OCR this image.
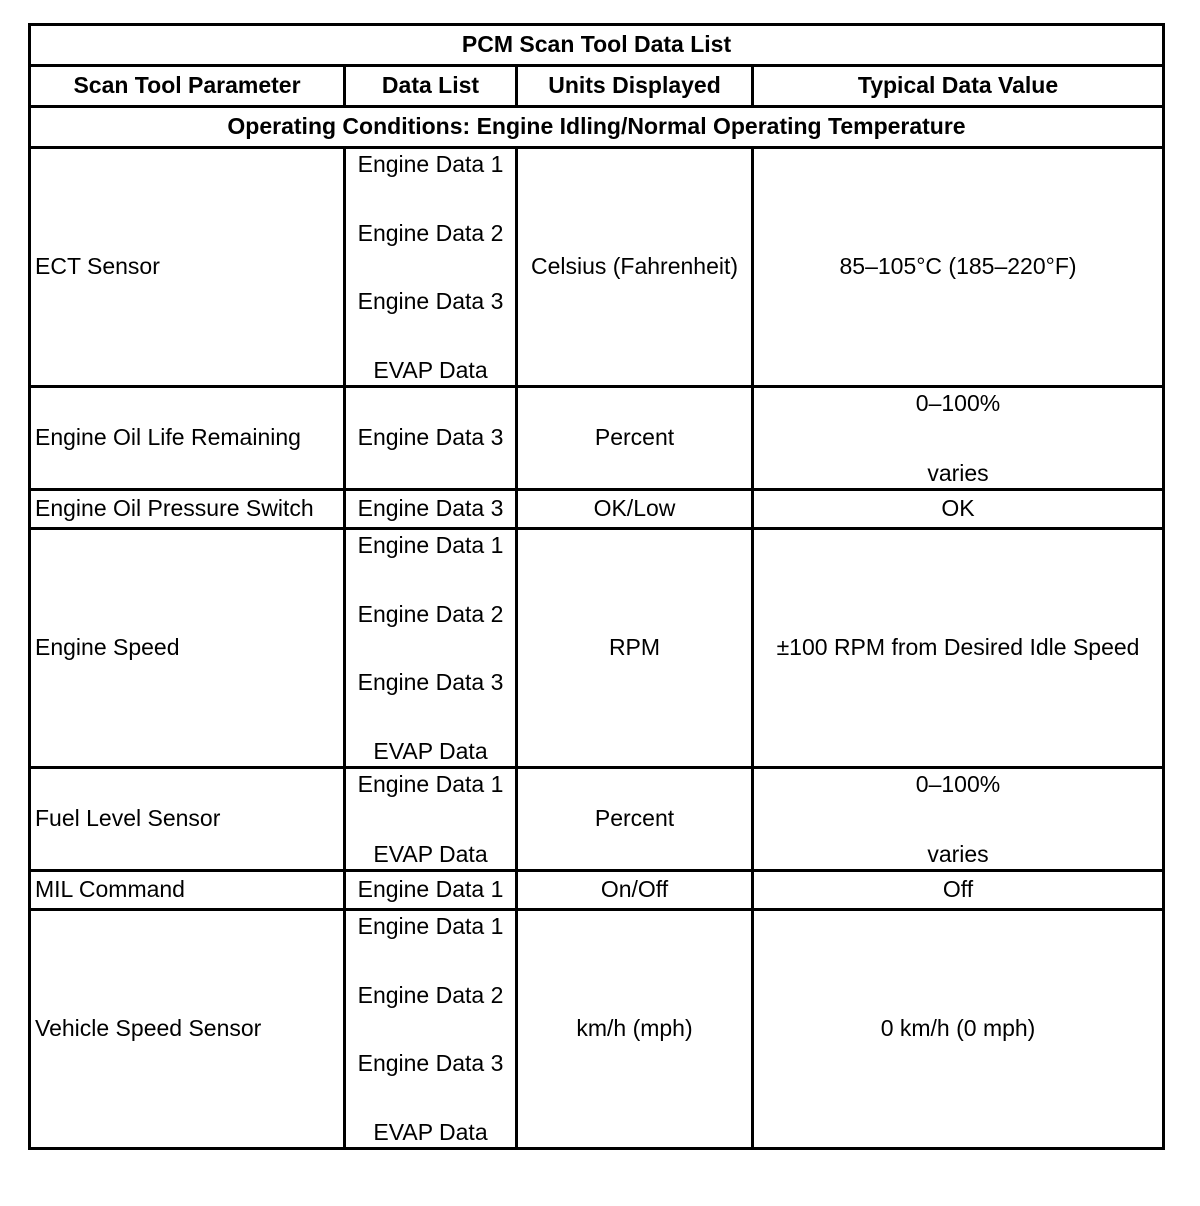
PCM Scan Tool Data List			
Scan Tool Parameter	Data List	Units Displayed	Typical Data Value
Operating Conditions: Engine Idling/Normal Operating Temperature			
ECT Sensor	Engine Data 1
Engine Data 2
Engine Data 3
EVAP Data	Celsius (Fahrenheit)	85–105°C (185–220°F)
Engine Oil Life Remaining	Engine Data 3	Percent	0–100%
varies

Engine Oil Pressure Switch	Engine Data 3	OK/Low	OK
Engine Speed	Engine Data 1
Engine Data 2
Engine Data 3
EVAP Data	RPM	±100 RPM from Desired Idle Speed
Fuel Level Sensor	Engine Data 1
EVAP Data	Percent	0–100%
varies

MIL Command	Engine Data 1	On/Off	Off
Vehicle Speed Sensor	Engine Data 1
Engine Data 2
Engine Data 3
EVAP Data	km/h (mph)	0 km/h (0 mph)
